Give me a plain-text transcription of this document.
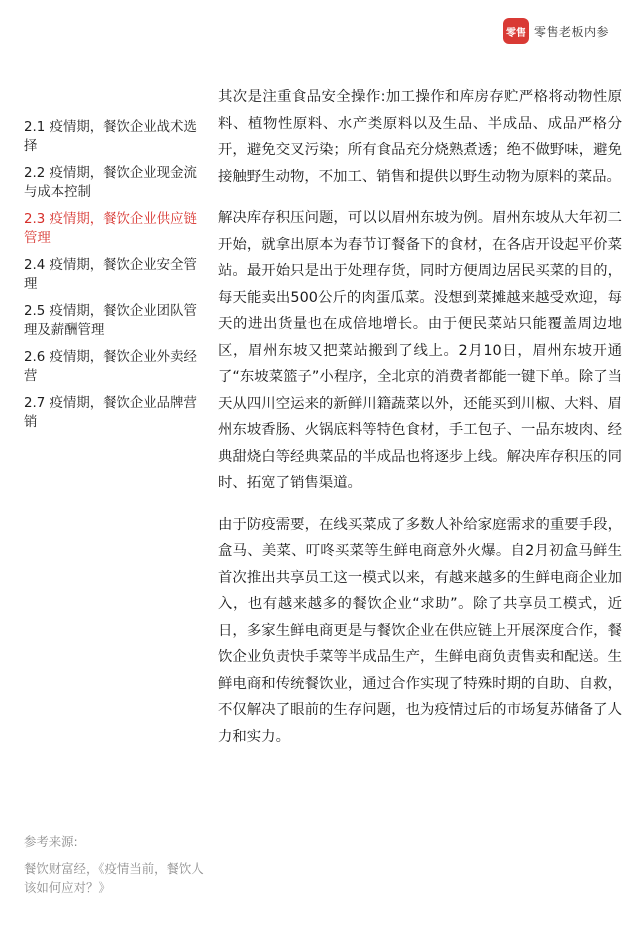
零售 零售老板内参
2.1 疫情期，餐饮企业战术选择
2.2 疫情期，餐饮企业现金流与成本控制
2.3 疫情期，餐饮企业供应链管理
2.4 疫情期，餐饮企业安全管理
2.5 疫情期，餐饮企业团队管理及薪酬管理
2.6 疫情期，餐饮企业外卖经营
2.7 疫情期，餐饮企业品牌营销
参考来源:
餐饮财富经，《疫情当前，餐饮人该如何应对？》

其次是注重食品安全操作:加工操作和库房存贮严格将动物性原料、植物性原料、水产类原料以及生品、半成品、成品严格分开，避免交叉污染；所有食品充分烧熟煮透；绝不做野味，避免接触野生动物，不加工、销售和提供以野生动物为原料的菜品。

解决库存积压问题，可以以眉州东坡为例。眉州东坡从大年初二开始，就拿出原本为春节订餐备下的食材，在各店开设起平价菜站。最开始只是出于处理存货，同时方便周边居民买菜的目的，每天能卖出500公斤的肉蛋瓜菜。没想到菜摊越来越受欢迎，每天的进出货量也在成倍地增长。由于便民菜站只能覆盖周边地区，眉州东坡又把菜站搬到了线上。2月10日，眉州东坡开通了“东坡菜篮子”小程序，全北京的消费者都能一键下单。除了当天从四川空运来的新鲜川籍蔬菜以外，还能买到川椒、大料、眉州东坡香肠、火锅底料等特色食材，手工包子、一品东坡肉、经典甜烧白等经典菜品的半成品也将逐步上线。解决库存积压的同时、拓宽了销售渠道。

由于防疫需要，在线买菜成了多数人补给家庭需求的重要手段，盒马、美菜、叮咚买菜等生鲜电商意外火爆。自2月初盒马鲜生首次推出共享员工这一模式以来，有越来越多的生鲜电商企业加入，也有越来越多的餐饮企业“求助”。除了共享员工模式，近日，多家生鲜电商更是与餐饮企业在供应链上开展深度合作，餐饮企业负责快手菜等半成品生产，生鲜电商负责售卖和配送。生鲜电商和传统餐饮业，通过合作实现了特殊时期的自助、自救，不仅解决了眼前的生存问题，也为疫情过后的市场复苏储备了人力和实力。
